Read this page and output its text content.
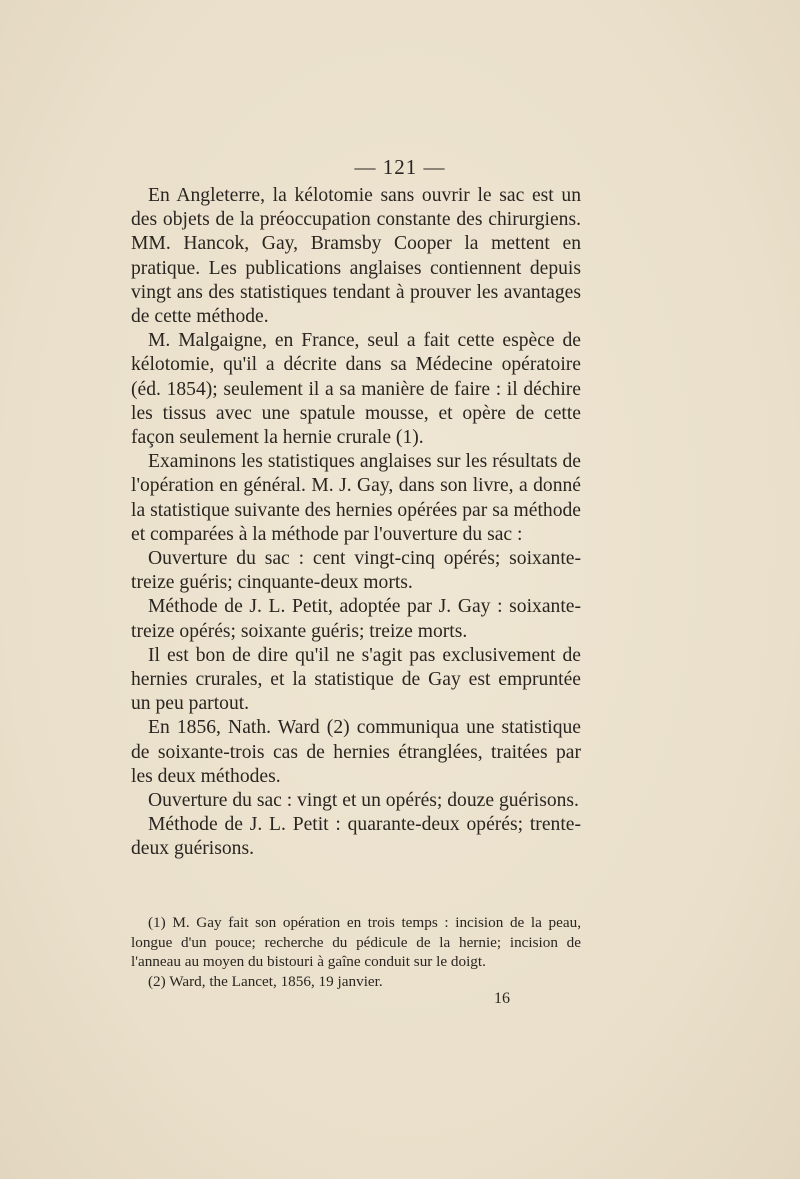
— 121 —

En Angleterre, la kélotomie sans ouvrir le sac est un des objets de la préoccupation constante des chirurgiens. MM. Hancok, Gay, Bramsby Cooper la mettent en pratique. Les publications anglaises contiennent depuis vingt ans des statistiques tendant à prouver les avantages de cette méthode.

M. Malgaigne, en France, seul a fait cette espèce de kélotomie, qu'il a décrite dans sa Médecine opératoire (éd. 1854); seulement il a sa manière de faire : il déchire les tissus avec une spatule mousse, et opère de cette façon seulement la hernie crurale (1).

Examinons les statistiques anglaises sur les résultats de l'opération en général. M. J. Gay, dans son livre, a donné la statistique suivante des hernies opérées par sa méthode et comparées à la méthode par l'ouverture du sac :

Ouverture du sac : cent vingt-cinq opérés; soixante-treize guéris; cinquante-deux morts.

Méthode de J. L. Petit, adoptée par J. Gay : soixante-treize opérés; soixante guéris; treize morts.

Il est bon de dire qu'il ne s'agit pas exclusivement de hernies crurales, et la statistique de Gay est empruntée un peu partout.

En 1856, Nath. Ward (2) communiqua une statistique de soixante-trois cas de hernies étranglées, traitées par les deux méthodes.

Ouverture du sac : vingt et un opérés; douze guérisons.

Méthode de J. L. Petit : quarante-deux opérés; trente-deux guérisons.

(1) M. Gay fait son opération en trois temps : incision de la peau, longue d'un pouce; recherche du pédicule de la hernie; incision de l'anneau au moyen du bistouri à gaîne conduit sur le doigt.

(2) Ward, the Lancet, 1856, 19 janvier.

16
